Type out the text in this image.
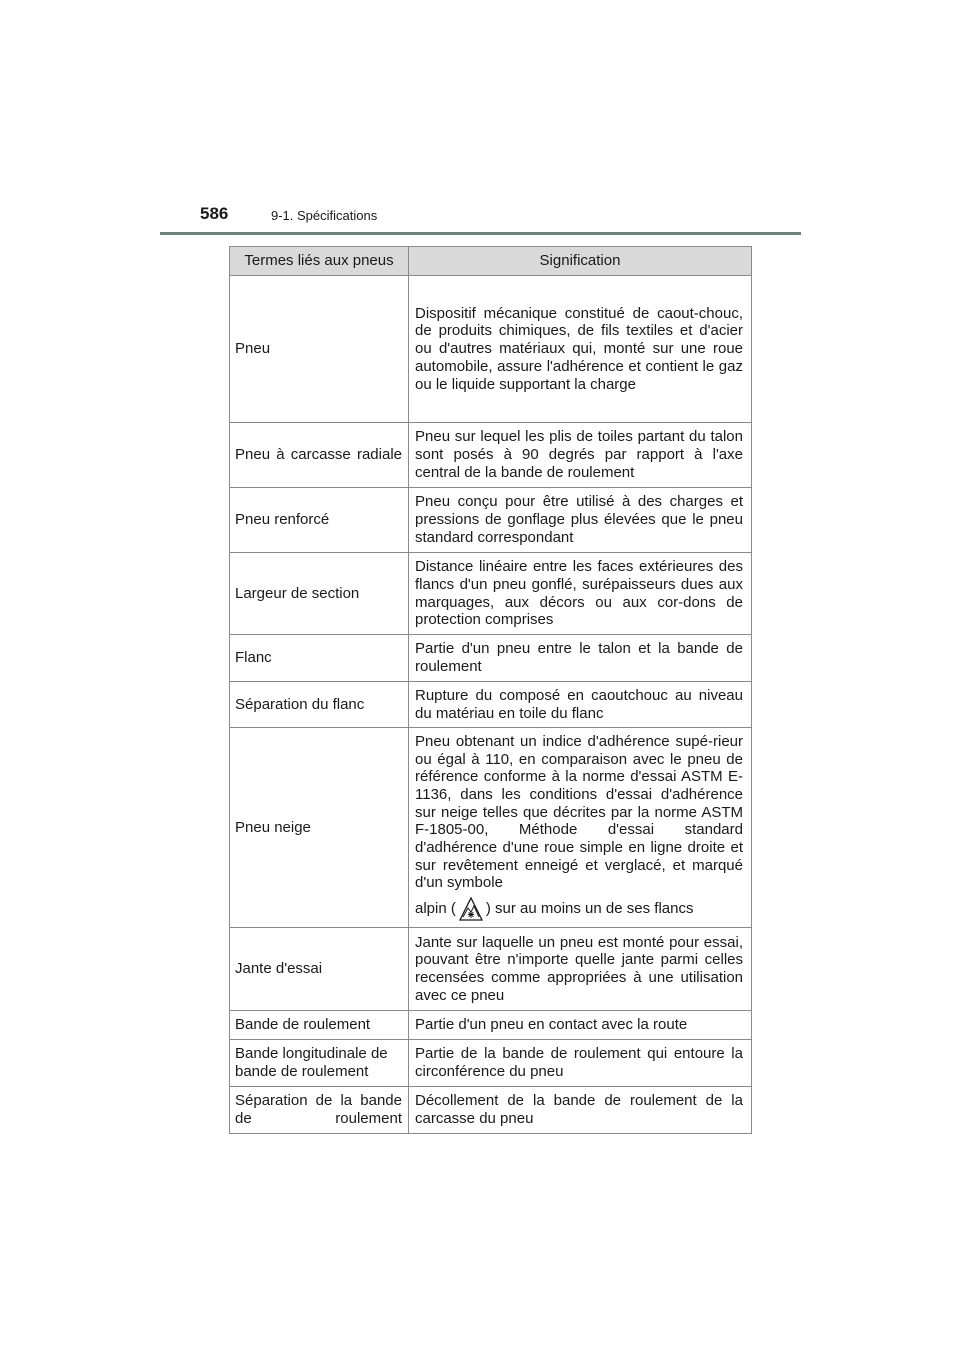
586	9-1. Spécifications
Termes liés aux pneus	Signification
Pneu	Dispositif mécanique constitué de caout-chouc, de produits chimiques, de fils textiles et d'acier ou d'autres matériaux qui, monté sur une roue automobile, assure l'adhérence et contient le gaz ou le liquide supportant la charge
Pneu à carcasse radiale	Pneu sur lequel les plis de toiles partant du talon sont posés à 90 degrés par rapport à l'axe central de la bande de roulement
Pneu renforcé	Pneu conçu pour être utilisé à des charges et pressions de gonflage plus élevées que le pneu standard correspondant
Largeur de section	Distance linéaire entre les faces extérieures des flancs d'un pneu gonflé, surépaisseurs dues aux marquages, aux décors ou aux cor-dons de protection comprises
Flanc	Partie d'un pneu entre le talon et la bande de roulement
Séparation du flanc	Rupture du composé en caoutchouc au niveau du matériau en toile du flanc
Pneu neige	Pneu obtenant un indice d'adhérence supé-rieur ou égal à 110, en comparaison avec le pneu de référence conforme à la norme d'essai ASTM E-1136, dans les conditions d'essai d'adhérence sur neige telles que décrites par la norme ASTM F-1805-00, Méthode d'essai standard d'adhérence d'une roue simple en ligne droite et sur revêtement enneigé et verglacé, et marqué d'un symbole
alpin ( ) sur au moins un de ses flancs

Jante d'essai	Jante sur laquelle un pneu est monté pour essai, pouvant être n'importe quelle jante parmi celles recensées comme appropriées à une utilisation avec ce pneu
Bande de roulement	Partie d'un pneu en contact avec la route
Bande longitudinale de bande de roulement	Partie de la bande de roulement qui entoure la circonférence du pneu
Séparation de la bande de roulement	Décollement de la bande de roulement de la carcasse du pneu
